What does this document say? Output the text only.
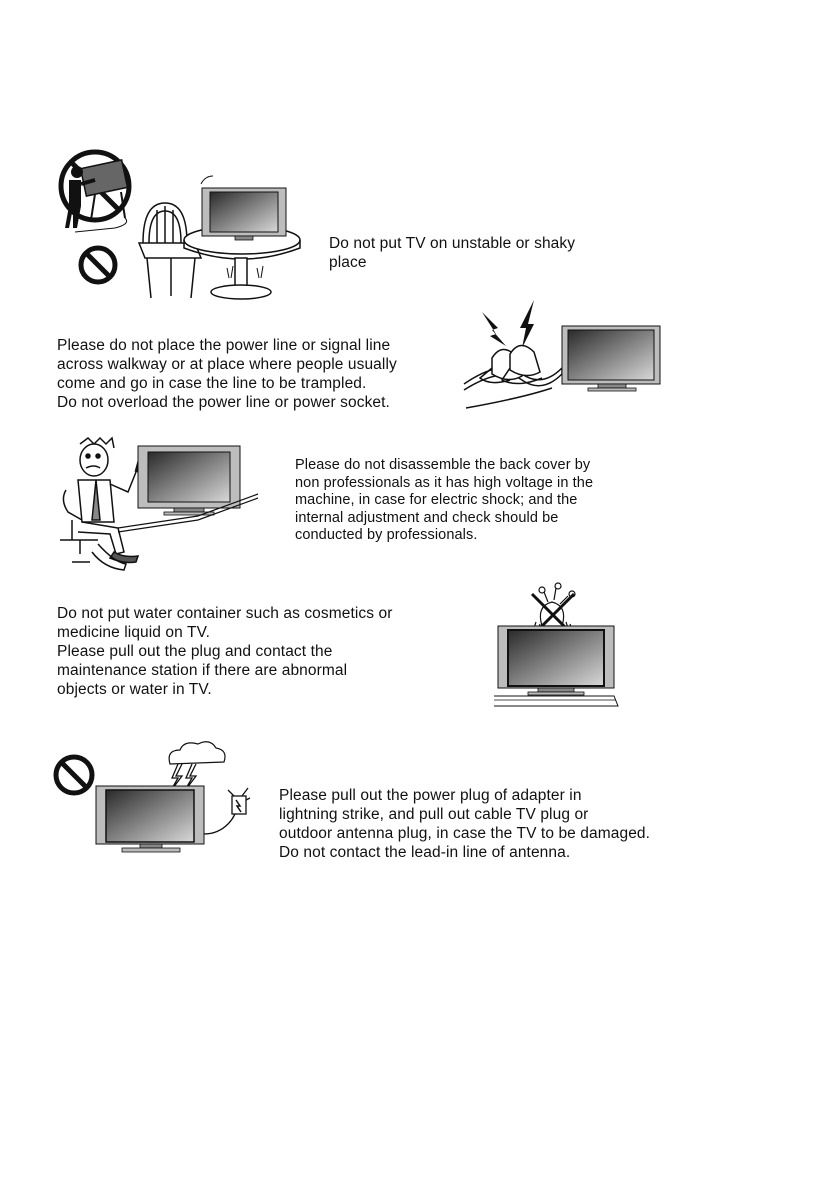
Do not put TV on unstable or shaky
place
Please do not place the power line or signal line
across walkway or at place where people usually
come and go in case the line to be trampled.
Do not overload the power line or power socket.
Please do not disassemble the back cover by
non professionals as it has high voltage in the
machine, in case for electric shock; and the
internal adjustment and check should be
conducted by professionals.
Do not put water container such as cosmetics or
medicine liquid on TV.
Please pull out the plug and contact the
maintenance station if there are abnormal
objects or water in TV.
Please pull out the power plug of adapter in
lightning strike, and pull out cable TV plug or
outdoor antenna plug, in case the TV to be damaged.
Do not contact the lead-in line of antenna.
